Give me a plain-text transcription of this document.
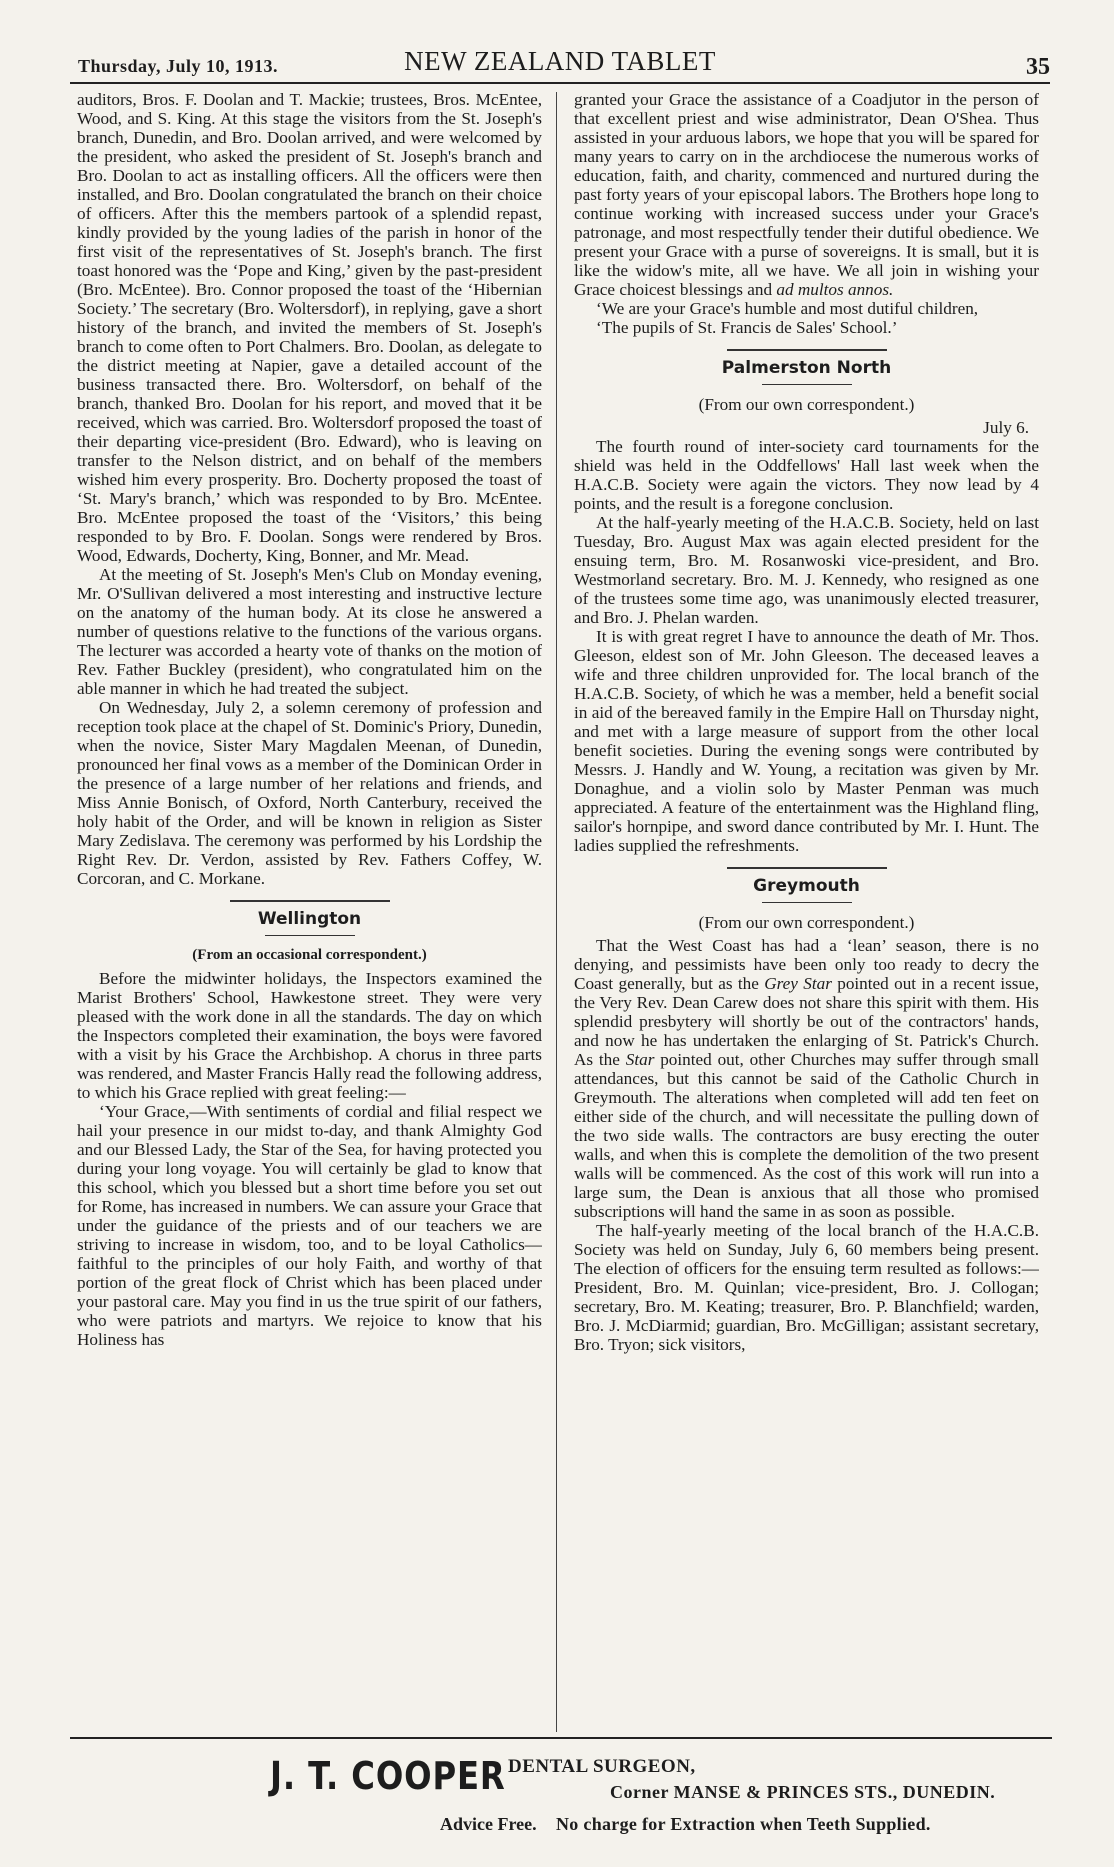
Thursday, July 10, 1913.	NEW ZEALAND TABLET	35

auditors, Bros. F. Doolan and T. Mackie; trustees, Bros. McEntee, Wood, and S. King. At this stage the visitors from the St. Joseph's branch, Dunedin, and Bro. Doolan arrived, and were welcomed by the president, who asked the president of St. Joseph's branch and Bro. Doolan to act as installing officers. All the officers were then installed, and Bro. Doolan congratulated the branch on their choice of officers. After this the members partook of a splendid repast, kindly provided by the young ladies of the parish in honor of the first visit of the representatives of St. Joseph's branch. The first toast honored was the ‘Pope and King,’ given by the past-president (Bro. McEntee). Bro. Connor proposed the toast of the ‘Hibernian Society.’ The secretary (Bro. Woltersdorf), in replying, gave a short history of the branch, and invited the members of St. Joseph's branch to come often to Port Chalmers. Bro. Doolan, as delegate to the district meeting at Napier, gave a detailed account of the business transacted there. Bro. Woltersdorf, on behalf of the branch, thanked Bro. Doolan for his report, and moved that it be received, which was carried. Bro. Woltersdorf proposed the toast of their departing vice-president (Bro. Edward), who is leaving on transfer to the Nelson district, and on behalf of the members wished him every prosperity. Bro. Docherty proposed the toast of ‘St. Mary's branch,’ which was responded to by Bro. McEntee. Bro. McEntee proposed the toast of the ‘Visitors,’ this being responded to by Bro. F. Doolan. Songs were rendered by Bros. Wood, Edwards, Docherty, King, Bonner, and Mr. Mead.

At the meeting of St. Joseph's Men's Club on Monday evening, Mr. O'Sullivan delivered a most interesting and instructive lecture on the anatomy of the human body. At its close he answered a number of questions relative to the functions of the various organs. The lecturer was accorded a hearty vote of thanks on the motion of Rev. Father Buckley (president), who congratulated him on the able manner in which he had treated the subject.

On Wednesday, July 2, a solemn ceremony of profession and reception took place at the chapel of St. Dominic's Priory, Dunedin, when the novice, Sister Mary Magdalen Meenan, of Dunedin, pronounced her final vows as a member of the Dominican Order in the presence of a large number of her relations and friends, and Miss Annie Bonisch, of Oxford, North Canterbury, received the holy habit of the Order, and will be known in religion as Sister Mary Zedislava. The ceremony was performed by his Lordship the Right Rev. Dr. Verdon, assisted by Rev. Fathers Coffey, W. Corcoran, and C. Morkane.

Wellington

(From an occasional correspondent.)

Before the midwinter holidays, the Inspectors examined the Marist Brothers' School, Hawkestone street. They were very pleased with the work done in all the standards. The day on which the Inspectors completed their examination, the boys were favored with a visit by his Grace the Archbishop. A chorus in three parts was rendered, and Master Francis Hally read the following address, to which his Grace replied with great feeling:—

‘Your Grace,—With sentiments of cordial and filial respect we hail your presence in our midst to-day, and thank Almighty God and our Blessed Lady, the Star of the Sea, for having protected you during your long voyage. You will certainly be glad to know that this school, which you blessed but a short time before you set out for Rome, has increased in numbers. We can assure your Grace that under the guidance of the priests and of our teachers we are striving to increase in wisdom, too, and to be loyal Catholics—faithful to the principles of our holy Faith, and worthy of that portion of the great flock of Christ which has been placed under your pastoral care. May you find in us the true spirit of our fathers, who were patriots and martyrs. We rejoice to know that his Holiness has

granted your Grace the assistance of a Coadjutor in the person of that excellent priest and wise administrator, Dean O'Shea. Thus assisted in your arduous labors, we hope that you will be spared for many years to carry on in the archdiocese the numerous works of education, faith, and charity, commenced and nurtured during the past forty years of your episcopal labors. The Brothers hope long to continue working with increased success under your Grace's patronage, and most respectfully tender their dutiful obedience. We present your Grace with a purse of sovereigns. It is small, but it is like the widow's mite, all we have. We all join in wishing your Grace choicest blessings and ad multos annos.

‘We are your Grace's humble and most dutiful children,

‘The pupils of St. Francis de Sales' School.’

Palmerston North

(From our own correspondent.)

July 6.

The fourth round of inter-society card tournaments for the shield was held in the Oddfellows' Hall last week when the H.A.C.B. Society were again the victors. They now lead by 4 points, and the result is a foregone conclusion.

At the half-yearly meeting of the H.A.C.B. Society, held on last Tuesday, Bro. August Max was again elected president for the ensuing term, Bro. M. Rosanwoski vice-president, and Bro. Westmorland secretary. Bro. M. J. Kennedy, who resigned as one of the trustees some time ago, was unanimously elected treasurer, and Bro. J. Phelan warden.

It is with great regret I have to announce the death of Mr. Thos. Gleeson, eldest son of Mr. John Gleeson. The deceased leaves a wife and three children unprovided for. The local branch of the H.A.C.B. Society, of which he was a member, held a benefit social in aid of the bereaved family in the Empire Hall on Thursday night, and met with a large measure of support from the other local benefit societies. During the evening songs were contributed by Messrs. J. Handly and W. Young, a recitation was given by Mr. Donaghue, and a violin solo by Master Penman was much appreciated. A feature of the entertainment was the Highland fling, sailor's hornpipe, and sword dance contributed by Mr. I. Hunt. The ladies supplied the refreshments.

Greymouth

(From our own correspondent.)

That the West Coast has had a ‘lean’ season, there is no denying, and pessimists have been only too ready to decry the Coast generally, but as the Grey Star pointed out in a recent issue, the Very Rev. Dean Carew does not share this spirit with them. His splendid presbytery will shortly be out of the contractors' hands, and now he has undertaken the enlarging of St. Patrick's Church. As the Star pointed out, other Churches may suffer through small attendances, but this cannot be said of the Catholic Church in Greymouth. The alterations when completed will add ten feet on either side of the church, and will necessitate the pulling down of the two side walls. The contractors are busy erecting the outer walls, and when this is complete the demolition of the two present walls will be commenced. As the cost of this work will run into a large sum, the Dean is anxious that all those who promised subscriptions will hand the same in as soon as possible.

The half-yearly meeting of the local branch of the H.A.C.B. Society was held on Sunday, July 6, 60 members being present. The election of officers for the ensuing term resulted as follows:—President, Bro. M. Quinlan; vice-president, Bro. J. Collogan; secretary, Bro. M. Keating; treasurer, Bro. P. Blanchfield; warden, Bro. J. McDiarmid; guardian, Bro. McGilligan; assistant secretary, Bro. Tryon; sick visitors,

J. T. COOPER DENTAL SURGEON,
Corner MANSE & PRINCES STS., DUNEDIN.
Advice Free. No charge for Extraction when Teeth Supplied.
